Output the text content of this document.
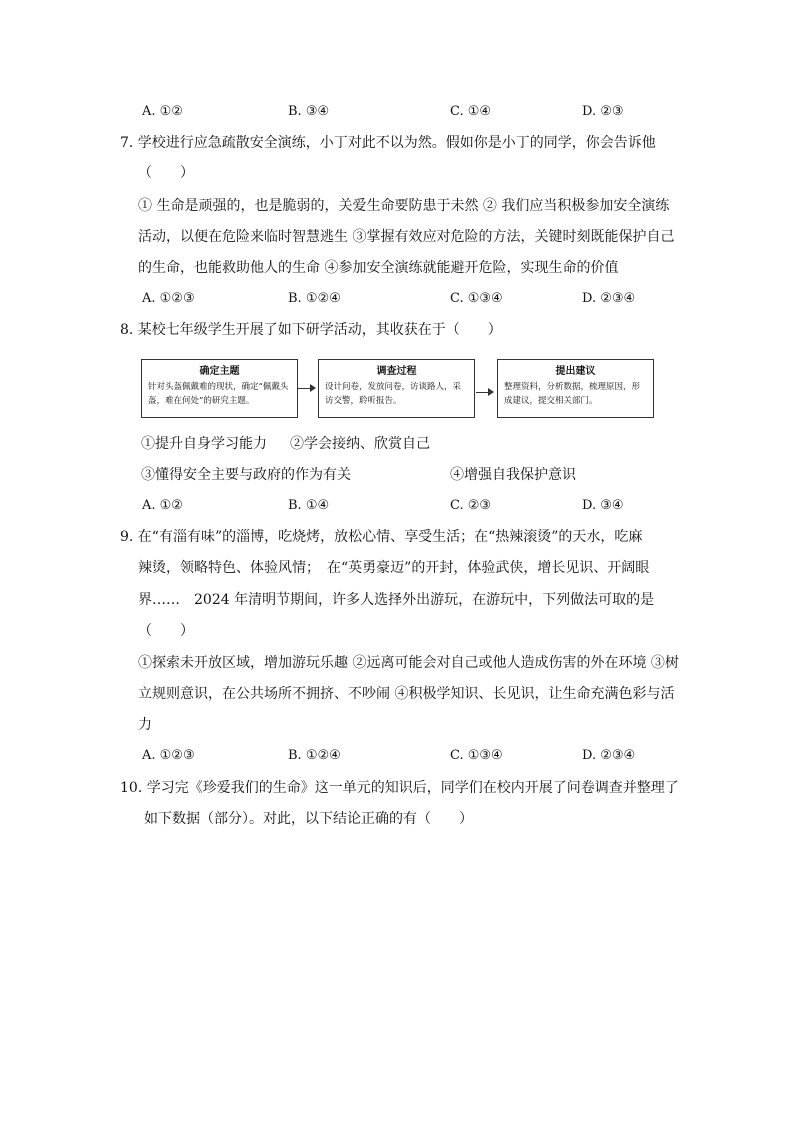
A. ①②	B. ③④	C. ①④	D. ②③
7. 学校进行应急疏散安全演练，小丁对此不以为然。假如你是小丁的同学，你会告诉他
（　　）
① 生命是顽强的，也是脆弱的，关爱生命要防患于未然 ② 我们应当积极参加安全演练
活动，以便在危险来临时智慧逃生 ③掌握有效应对危险的方法，关键时刻既能保护自己
的生命，也能救助他人的生命 ④参加安全演练就能避开危险，实现生命的价值
A. ①②③	B. ①②④	C. ①③④	D. ②③④
8. 某校七年级学生开展了如下研学活动，其收获在于（　　）
确定主题
针对头盔佩戴难的现状，确定“佩戴头盔，难在何处”的研究主题。
调查过程
设计问卷，发放问卷，访谈路人，采访交警，聆听报告。
提出建议
整理资料，分析数据，梳理原因，形成建议，提交相关部门。
①提升自身学习能力 ②学会接纳、欣赏自己
③懂得安全主要与政府的作为有关	④增强自我保护意识
A. ①②	B. ①④	C. ②③	D. ③④
9. 在“有淄有味”的淄博，吃烧烤，放松心情、享受生活；在“热辣滚烫”的天水，吃麻
辣烫，领略特色、体验风情；　在“英勇豪迈”的开封，体验武侠，增长见识、开阔眼
界……　2024 年清明节期间，许多人选择外出游玩，在游玩中，下列做法可取的是
（　　）
①探索未开放区域，增加游玩乐趣 ②远离可能会对自己或他人造成伤害的外在环境 ③树
立规则意识，在公共场所不拥挤、不吵闹 ④积极学知识、长见识，让生命充满色彩与活
力
A. ①②③	B. ①②④	C. ①③④	D. ②③④
10. 学习完《珍爱我们的生命》这一单元的知识后，同学们在校内开展了问卷调查并整理了
如下数据（部分）。对此，以下结论正确的有（　　）
